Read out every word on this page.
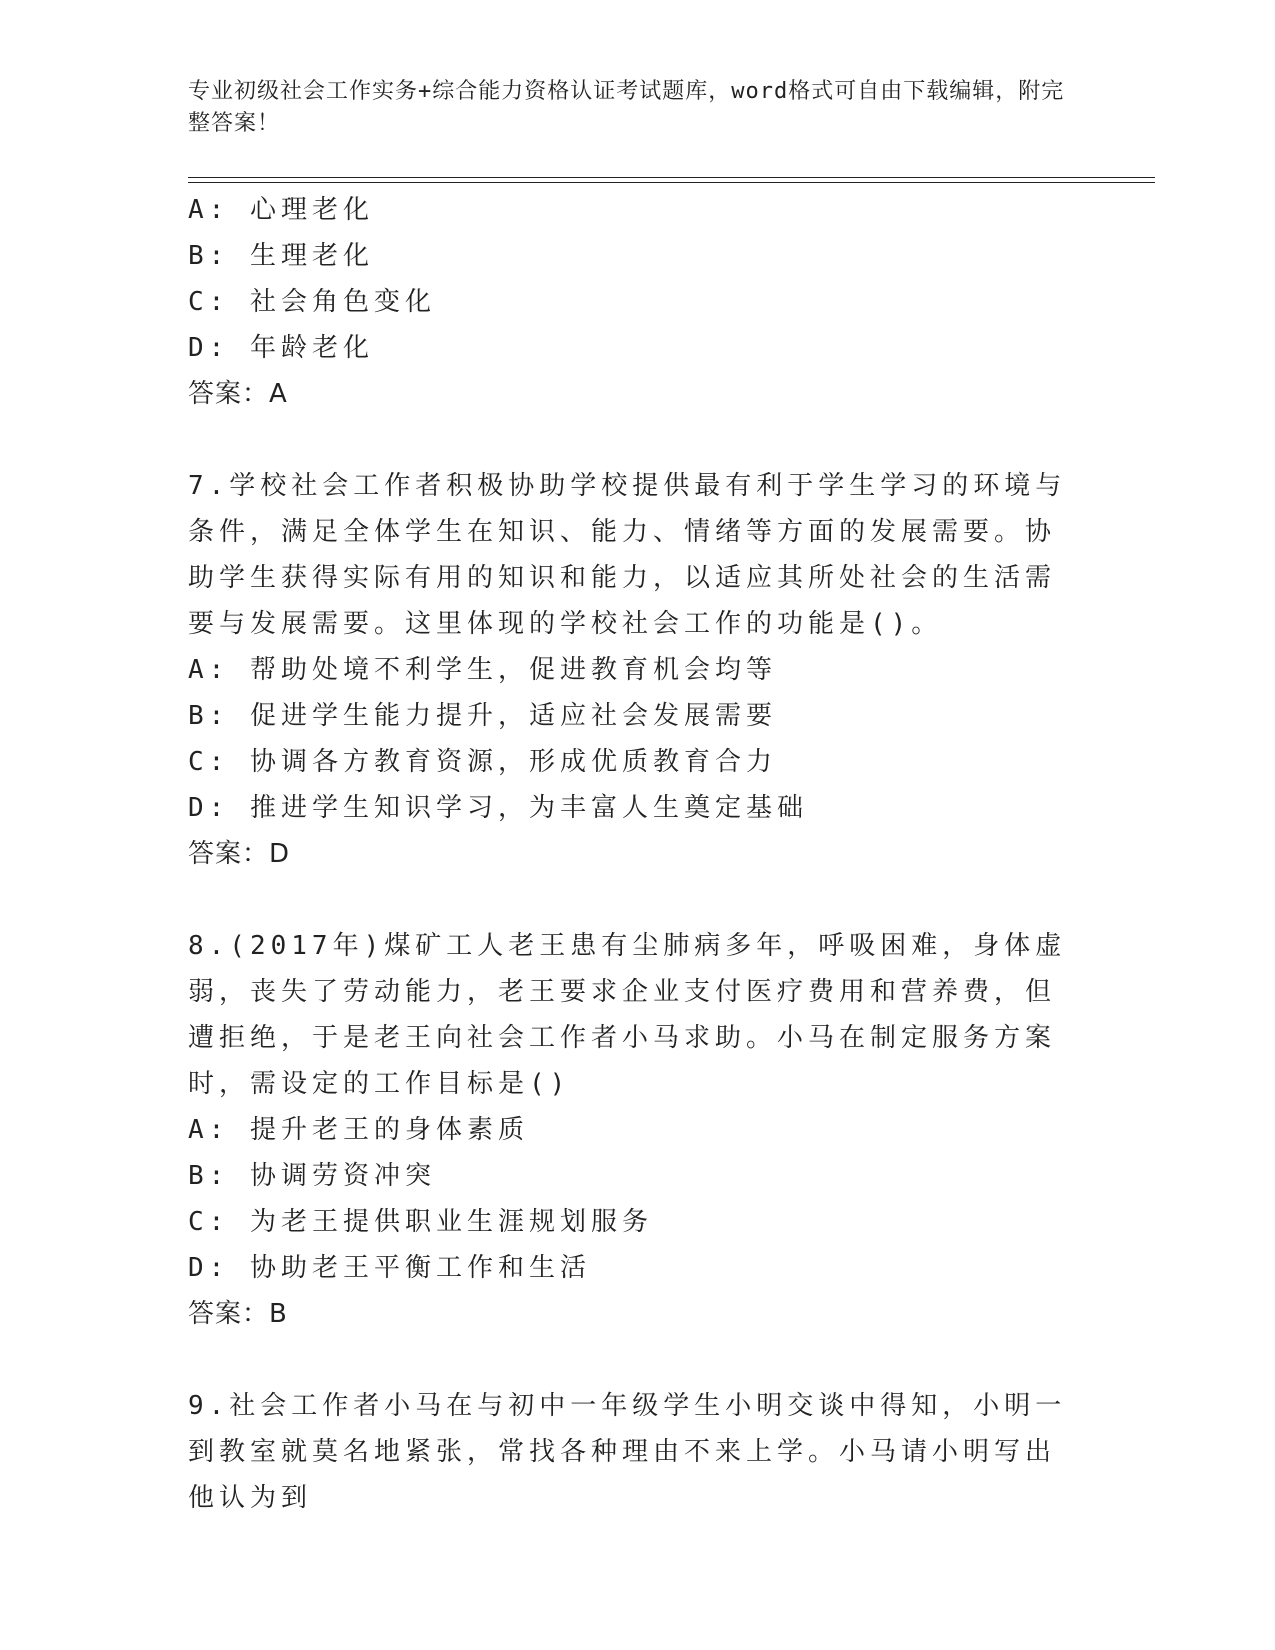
专业初级社会工作实务+综合能力资格认证考试题库，word格式可自由下载编辑，附完整答案！
A: 心理老化
B: 生理老化
C: 社会角色变化
D: 年龄老化
答案：A
7.学校社会工作者积极协助学校提供最有利于学生学习的环境与条件，满足全体学生在知识、能力、情绪等方面的发展需要。协助学生获得实际有用的知识和能力，以适应其所处社会的生活需要与发展需要。这里体现的学校社会工作的功能是()。
A: 帮助处境不利学生，促进教育机会均等
B: 促进学生能力提升，适应社会发展需要
C: 协调各方教育资源，形成优质教育合力
D: 推进学生知识学习，为丰富人生奠定基础
答案：D
8.(2017年)煤矿工人老王患有尘肺病多年，呼吸困难，身体虚弱，丧失了劳动能力，老王要求企业支付医疗费用和营养费，但遭拒绝，于是老王向社会工作者小马求助。小马在制定服务方案时，需设定的工作目标是()
A: 提升老王的身体素质
B: 协调劳资冲突
C: 为老王提供职业生涯规划服务
D: 协助老王平衡工作和生活
答案：B
9.社会工作者小马在与初中一年级学生小明交谈中得知，小明一到教室就莫名地紧张，常找各种理由不来上学。小马请小明写出他认为到
